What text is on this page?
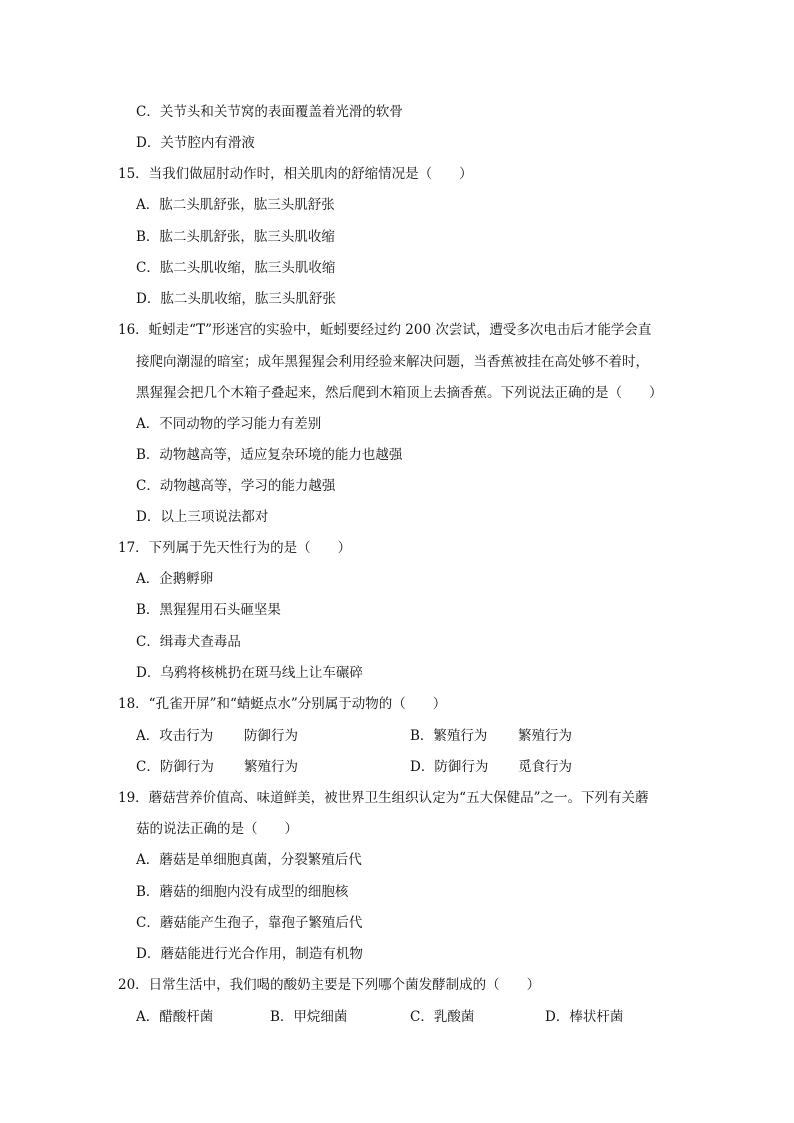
C．关节头和关节窝的表面覆盖着光滑的软骨
D．关节腔内有滑液
15．当我们做屈肘动作时，相关肌肉的舒缩情况是（　　）
A．肱二头肌舒张，肱三头肌舒张
B．肱二头肌舒张，肱三头肌收缩
C．肱二头肌收缩，肱三头肌收缩
D．肱二头肌收缩，肱三头肌舒张
16．蚯蚓走“T”形迷宫的实验中，蚯蚓要经过约 200 次尝试，遭受多次电击后才能学会直
接爬向潮湿的暗室；成年黑猩猩会利用经验来解决问题，当香蕉被挂在高处够不着时，
黑猩猩会把几个木箱子叠起来，然后爬到木箱顶上去摘香蕉。下列说法正确的是（　　）
A．不同动物的学习能力有差别
B．动物越高等，适应复杂环境的能力也越强
C．动物越高等，学习的能力越强
D．以上三项说法都对
17．下列属于先天性行为的是（　　）
A．企鹅孵卵
B．黑猩猩用石头砸坚果
C．缉毒犬查毒品
D．乌鸦将核桃扔在斑马线上让车碾碎
18．“孔雀开屏”和“蜻蜓点水”分别属于动物的（　　）
A．攻击行为 防御行为	B．繁殖行为 繁殖行为
C．防御行为 繁殖行为	D．防御行为 觅食行为
19．蘑菇营养价值高、味道鲜美，被世界卫生组织认定为“五大保健品”之一。下列有关蘑
菇的说法正确的是（　　）
A．蘑菇是单细胞真菌，分裂繁殖后代
B．蘑菇的细胞内没有成型的细胞核
C．蘑菇能产生孢子，靠孢子繁殖后代
D．蘑菇能进行光合作用，制造有机物
20．日常生活中，我们喝的酸奶主要是下列哪个菌发酵制成的（　　）
A．醋酸杆菌	B．甲烷细菌	C．乳酸菌	D．棒状杆菌
